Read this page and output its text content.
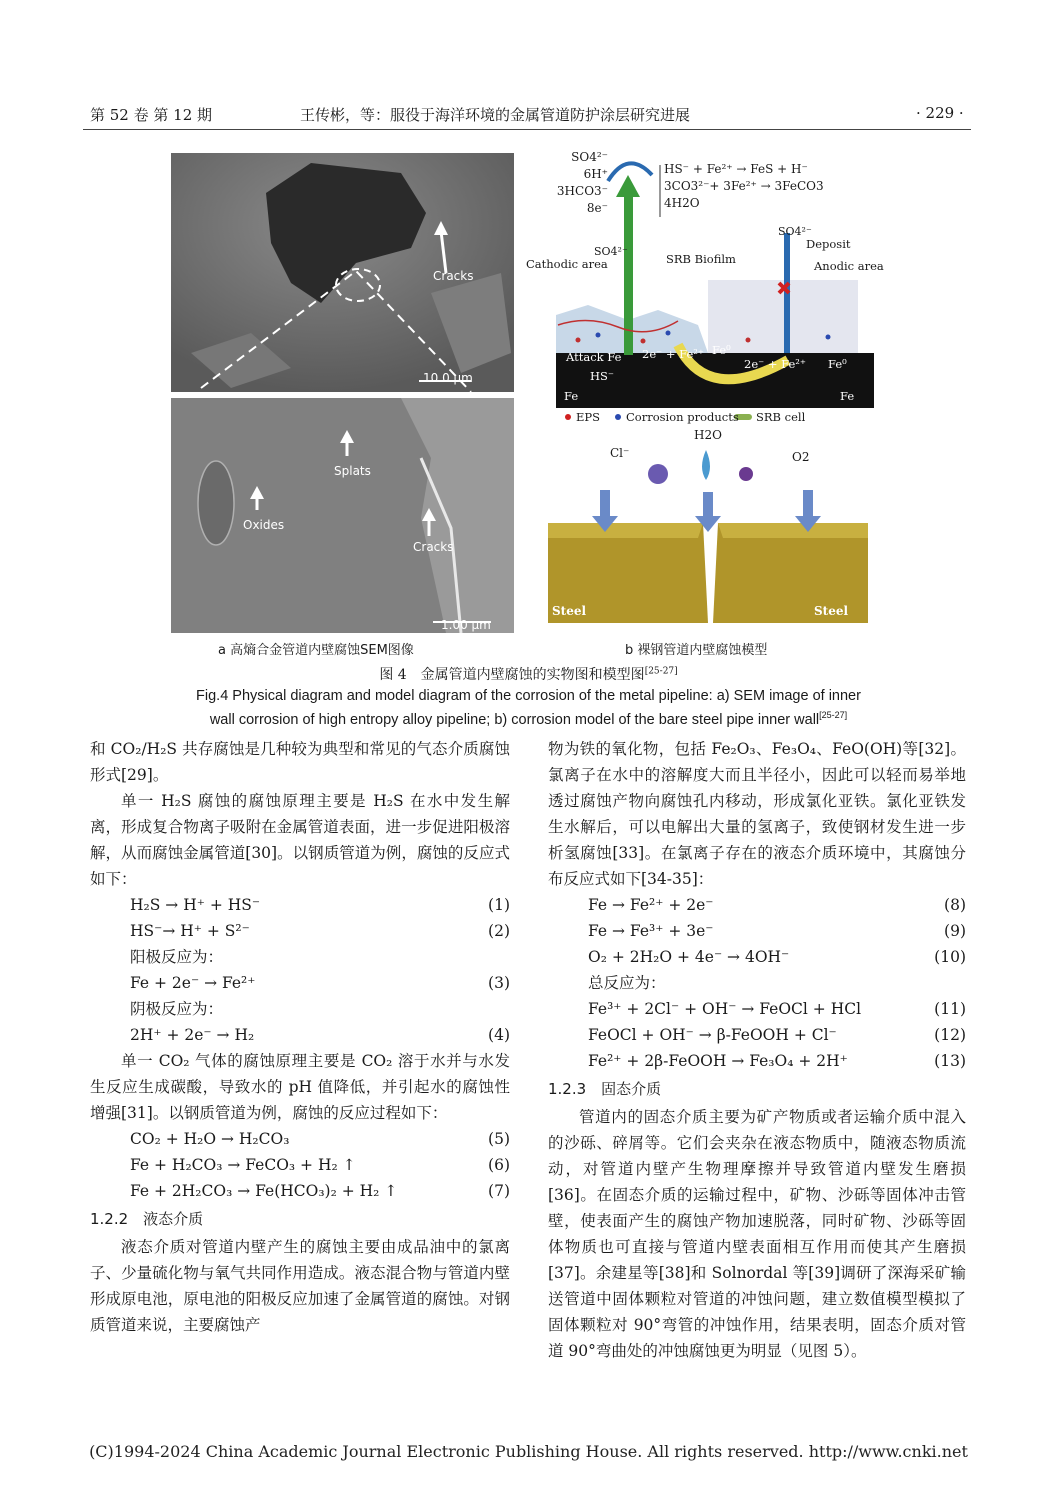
第 52 卷 第 12 期	王传彬，等：服役于海洋环境的金属管道防护涂层研究进展	· 229 ·
Cracks
10.0 μm
Splats
Oxides
Cracks
1.00 μm
SO4²⁻
6H⁺
3HCO3⁻
8e⁻
HS⁻ + Fe²⁺ → FeS + H⁻
3CO3²⁻+ 3Fe²⁺ → 3FeCO3
4H2O
Cathodic area
SO4²⁻
SRB Biofilm
SO4²⁻
Deposit
Anodic area
Attack Fe
HS⁻
2e⁻ + Fe²⁺ Fe⁰
2e⁻ + Fe²⁺ Fe⁰
Fe	Fe
EPS Corrosion products SRB cell
Cl⁻
H2O
O2
Steel	Steel
a 高熵合金管道内壁腐蚀SEM图像	b 裸钢管道内壁腐蚀模型
图 4　金属管道内壁腐蚀的实物图和模型图[25-27]
Fig.4 Physical diagram and model diagram of the corrosion of the metal pipeline: a) SEM image of inner
wall corrosion of high entropy alloy pipeline; b) corrosion model of the bare steel pipe inner wall[25-27]

和 CO₂/H₂S 共存腐蚀是几种较为典型和常见的气态介质腐蚀形式[29]。

单一 H₂S 腐蚀的腐蚀原理主要是 H₂S 在水中发生解离，形成复合物离子吸附在金属管道表面，进一步促进阳极溶解，从而腐蚀金属管道[30]。以钢质管道为例，腐蚀的反应式如下：

H₂S → H⁺ + HS⁻	(1)
HS⁻→ H⁺ + S²⁻	(2)
阳极反应为：
Fe + 2e⁻ → Fe²⁺	(3)
阴极反应为：
2H⁺ + 2e⁻ → H₂	(4)

单一 CO₂ 气体的腐蚀原理主要是 CO₂ 溶于水并与水发生反应生成碳酸，导致水的 pH 值降低，并引起水的腐蚀性增强[31]。以钢质管道为例，腐蚀的反应过程如下：

CO₂ + H₂O → H₂CO₃	(5)
Fe + H₂CO₃ → FeCO₃ + H₂ ↑	(6)
Fe + 2H₂CO₃ → Fe(HCO₃)₂ + H₂ ↑	(7)
1.2.2　液态介质

液态介质对管道内壁产生的腐蚀主要由成品油中的氯离子、少量硫化物与氧气共同作用造成。液态混合物与管道内壁形成原电池，原电池的阳极反应加速了金属管道的腐蚀。对钢质管道来说，主要腐蚀产

物为铁的氧化物，包括 Fe₂O₃、Fe₃O₄、FeO(OH)等[32]。氯离子在水中的溶解度大而且半径小，因此可以轻而易举地透过腐蚀产物向腐蚀孔内移动，形成氯化亚铁。氯化亚铁发生水解后，可以电解出大量的氢离子，致使钢材发生进一步析氢腐蚀[33]。在氯离子存在的液态介质环境中，其腐蚀分布反应式如下[34-35]：

Fe → Fe²⁺ + 2e⁻	(8)
Fe → Fe³⁺ + 3e⁻	(9)
O₂ + 2H₂O + 4e⁻ → 4OH⁻	(10)
总反应为：
Fe³⁺ + 2Cl⁻ + OH⁻ → FeOCl + HCl	(11)
FeOCl + OH⁻ → β-FeOOH + Cl⁻	(12)
Fe²⁺ + 2β-FeOOH → Fe₃O₄ + 2H⁺	(13)
1.2.3　固态介质

管道内的固态介质主要为矿产物质或者运输介质中混入的沙砾、碎屑等。它们会夹杂在液态物质中，随液态物质流动，对管道内壁产生物理摩擦并导致管道内壁发生磨损[36]。在固态介质的运输过程中，矿物、沙砾等固体冲击管壁，使表面产生的腐蚀产物加速脱落，同时矿物、沙砾等固体物质也可直接与管道内壁表面相互作用而使其产生磨损[37]。余建星等[38]和 Solnordal 等[39]调研了深海采矿输送管道中固体颗粒对管道的冲蚀问题，建立数值模型模拟了固体颗粒对 90°弯管的冲蚀作用，结果表明，固态介质对管道 90°弯曲处的冲蚀腐蚀更为明显（见图 5）。

(C)1994-2024 China Academic Journal Electronic Publishing House. All rights reserved. http://www.cnki.net
